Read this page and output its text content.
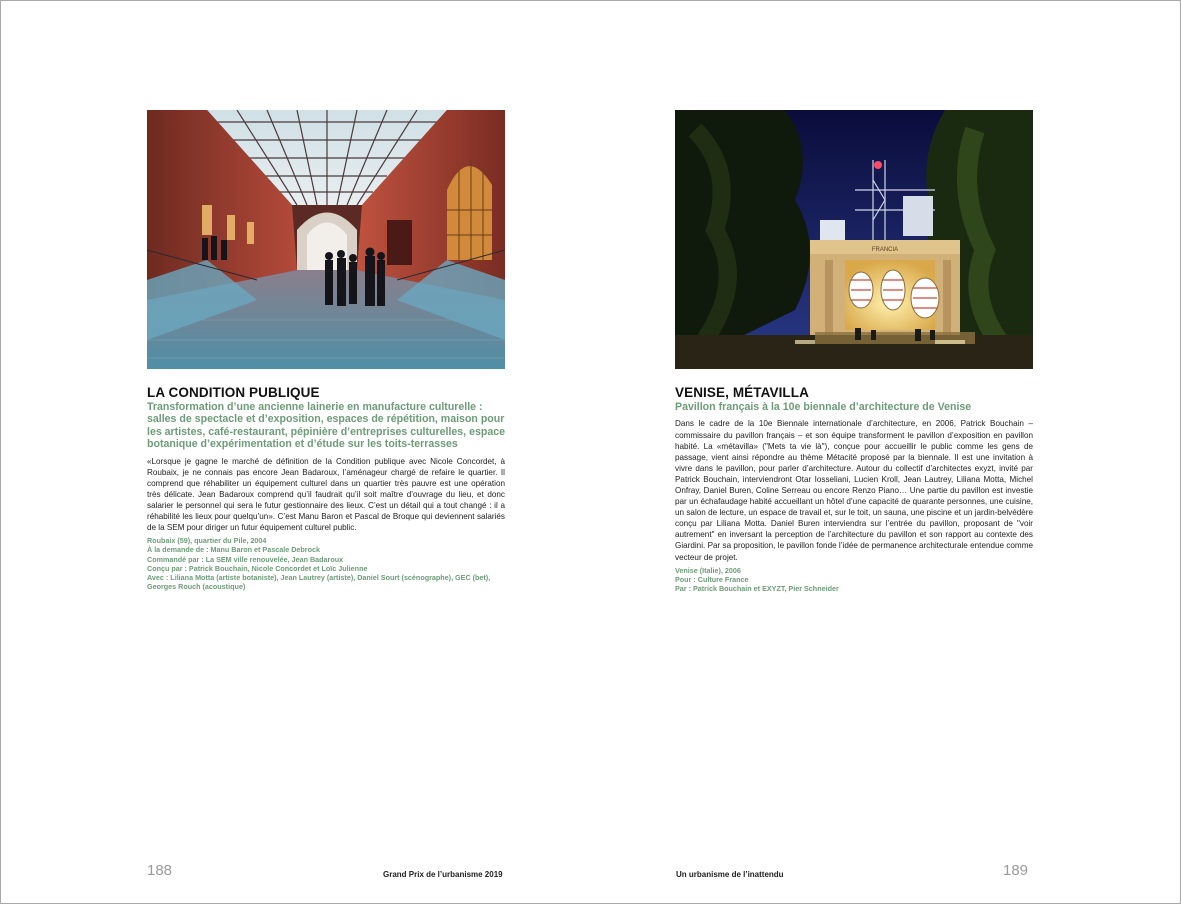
LA CONDITION PUBLIQUE
Transformation d’une ancienne lainerie en manufacture culturelle : salles de spectacle et d’exposition, espaces de répétition, maison pour les artistes, café-restaurant, pépinière d’entreprises culturelles, espace botanique d’expérimentation et d’étude sur les toits-terrasses

«Lorsque je gagne le marché de définition de la Condition publique avec Nicole Concordet, à Roubaix, je ne connais pas encore Jean Badaroux, l’aménageur chargé de refaire le quartier. Il comprend que réhabiliter un équipement culturel dans un quartier très pauvre est une opération très délicate. Jean Badaroux comprend qu’il faudrait qu’il soit maître d’ouvrage du lieu, et donc salarier le personnel qui sera le futur gestionnaire des lieux. C’est un détail qui a tout changé : il a réhabilité les lieux pour quelqu’un». C’est Manu Baron et Pascal de Broque qui deviennent salariés de la SEM pour diriger un futur équipement culturel public.

Roubaix (59), quartier du Pile, 2004
À la demande de : Manu Baron et Pascale Debrock
Commandé par : La SEM ville renouvelée, Jean Badaroux
Conçu par : Patrick Bouchain, Nicole Concordet et Loïc Julienne
Avec : Liliana Motta (artiste botaniste), Jean Lautrey (artiste), Daniel Sourt (scénographe), GEC (bet), Georges Rouch (acoustique)
188	Grand Prix de l’urbanisme 2019
FRANCIA
VENISE, MÉTAVILLA
Pavillon français à la 10e biennale d’architecture de Venise

Dans le cadre de la 10e Biennale internationale d’architecture, en 2006, Patrick Bouchain – commissaire du pavillon français – et son équipe transforment le pavillon d’exposition en pavillon habité. La «métavilla» ("Mets ta vie là"), conçue pour accueillir le public comme les gens de passage, vient ainsi répondre au thème Métacité proposé par la biennale. Il est une invitation à vivre dans le pavillon, pour parler d’architecture. Autour du collectif d’architectes exyzt, invité par Patrick Bouchain, interviendront Otar Iosseliani, Lucien Kroll, Jean Lautrey, Liliana Motta, Michel Onfray, Daniel Buren, Coline Serreau ou encore Renzo Piano… Une partie du pavillon est investie par un échafaudage habité accueillant un hôtel d’une capacité de quarante personnes, une cuisine, un salon de lecture, un espace de travail et, sur le toit, un sauna, une piscine et un jardin-belvédère conçu par Liliana Motta. Daniel Buren interviendra sur l’entrée du pavillon, proposant de "voir autrement" en inversant la perception de l’architecture du pavillon et son rapport au contexte des Giardini. Par sa proposition, le pavillon fonde l’idée de permanence architecturale entendue comme vecteur de projet.

Venise (Italie), 2006
Pour : Culture France
Par : Patrick Bouchain et EXYZT, Pier Schneider
189
Un urbanisme de l’inattendu
